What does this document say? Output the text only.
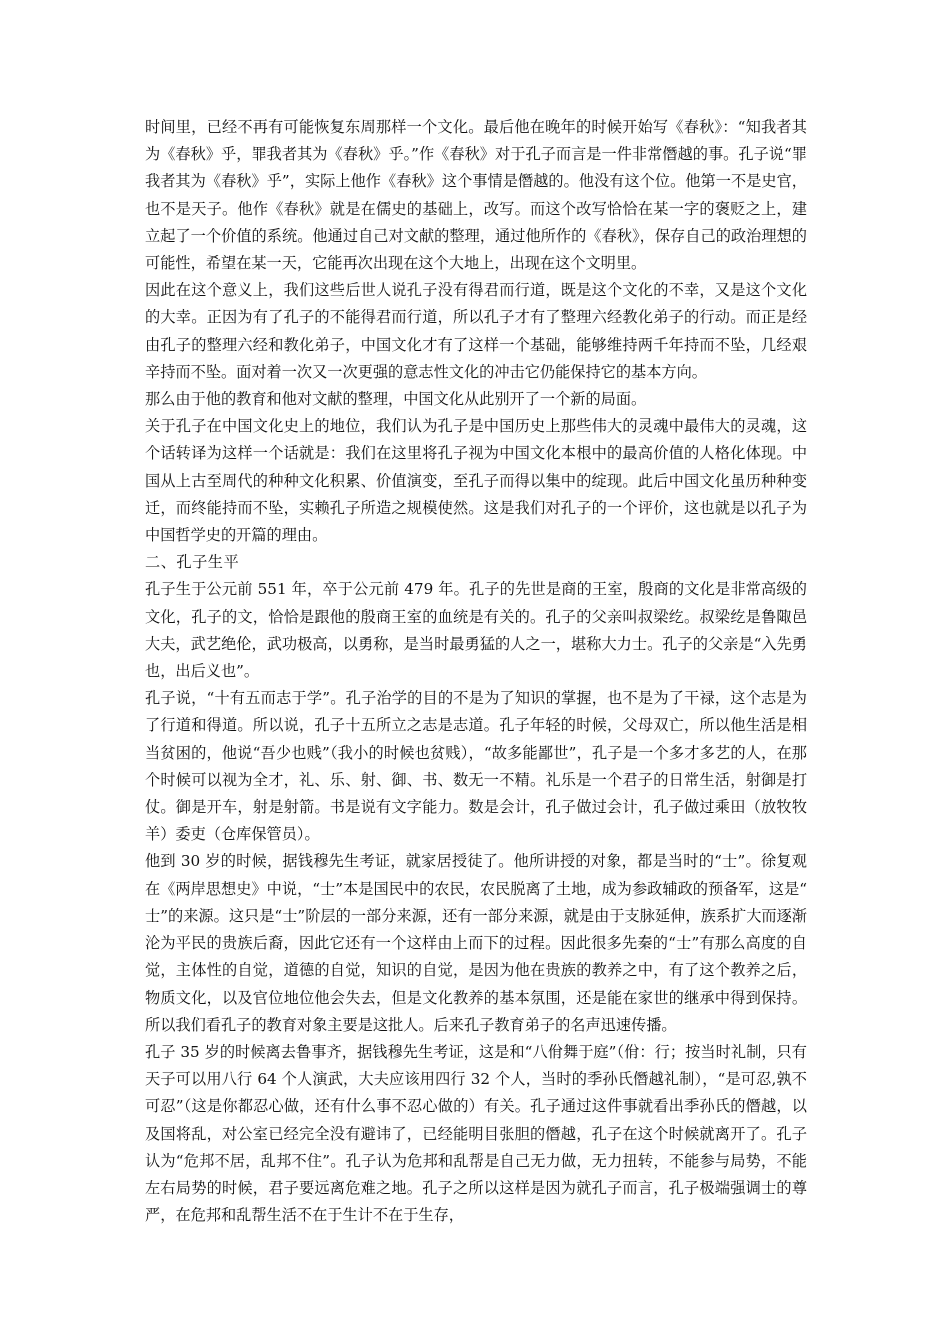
时间里，已经不再有可能恢复东周那样一个文化。最后他在晚年的时候开始写《春秋》：“知我者其为《春秋》乎，罪我者其为《春秋》乎。”作《春秋》对于孔子而言是一件非常僭越的事。孔子说“罪我者其为《春秋》乎”，实际上他作《春秋》这个事情是僭越的。他没有这个位。他第一不是史官，也不是天子。他作《春秋》就是在儒史的基础上，改写。而这个改写恰恰在某一字的褒贬之上，建立起了一个价值的系统。他通过自己对文献的整理，通过他所作的《春秋》，保存自己的政治理想的可能性，希望在某一天，它能再次出现在这个大地上，出现在这个文明里。

因此在这个意义上，我们这些后世人说孔子没有得君而行道，既是这个文化的不幸，又是这个文化的大幸。正因为有了孔子的不能得君而行道，所以孔子才有了整理六经教化弟子的行动。而正是经由孔子的整理六经和教化弟子，中国文化才有了这样一个基础，能够维持两千年持而不坠，几经艰辛持而不坠。面对着一次又一次更强的意志性文化的冲击它仍能保持它的基本方向。

那么由于他的教育和他对文献的整理，中国文化从此别开了一个新的局面。

关于孔子在中国文化史上的地位，我们认为孔子是中国历史上那些伟大的灵魂中最伟大的灵魂，这个话转译为这样一个话就是：我们在这里将孔子视为中国文化本根中的最高价值的人格化体现。中国从上古至周代的种种文化积累、价值演变，至孔子而得以集中的绽现。此后中国文化虽历种种变迁，而终能持而不坠，实赖孔子所造之规模使然。这是我们对孔子的一个评价，这也就是以孔子为中国哲学史的开篇的理由。

二、孔子生平

孔子生于公元前 551 年，卒于公元前 479 年。孔子的先世是商的王室，殷商的文化是非常高级的文化，孔子的文，恰恰是跟他的殷商王室的血统是有关的。孔子的父亲叫叔梁纥。叔梁纥是鲁陬邑大夫，武艺绝伦，武功极高，以勇称，是当时最勇猛的人之一，堪称大力士。孔子的父亲是“入先勇也，出后义也”。

孔子说，“十有五而志于学”。孔子治学的目的不是为了知识的掌握，也不是为了干禄，这个志是为了行道和得道。所以说，孔子十五所立之志是志道。孔子年轻的时候，父母双亡，所以他生活是相当贫困的，他说“吾少也贱”（我小的时候也贫贱），“故多能鄙世”，孔子是一个多才多艺的人，在那个时候可以视为全才，礼、乐、射、御、书、数无一不精。礼乐是一个君子的日常生活，射御是打仗。御是开车，射是射箭。书是说有文字能力。数是会计，孔子做过会计，孔子做过乘田（放牧牧羊）委吏（仓库保管员）。

他到 30 岁的时候，据钱穆先生考证，就家居授徒了。他所讲授的对象，都是当时的“士”。徐复观在《两岸思想史》中说，“士”本是国民中的农民，农民脱离了土地，成为参政辅政的预备军，这是“士”的来源。这只是“士”阶层的一部分来源，还有一部分来源，就是由于支脉延伸，族系扩大而逐渐沦为平民的贵族后裔，因此它还有一个这样由上而下的过程。因此很多先秦的“士”有那么高度的自觉，主体性的自觉，道德的自觉，知识的自觉，是因为他在贵族的教养之中，有了这个教养之后，物质文化，以及官位地位他会失去，但是文化教养的基本氛围，还是能在家世的继承中得到保持。所以我们看孔子的教育对象主要是这批人。后来孔子教育弟子的名声迅速传播。

孔子 35 岁的时候离去鲁事齐，据钱穆先生考证，这是和“八佾舞于庭”（佾：行；按当时礼制，只有天子可以用八行 64 个人演武，大夫应该用四行 32 个人，当时的季孙氏僭越礼制），“是可忍,孰不可忍”（这是你都忍心做，还有什么事不忍心做的）有关。孔子通过这件事就看出季孙氏的僭越，以及国将乱，对公室已经完全没有避讳了，已经能明目张胆的僭越，孔子在这个时候就离开了。孔子认为“危邦不居，乱邦不住”。孔子认为危邦和乱帮是自己无力做，无力扭转，不能参与局势，不能左右局势的时候，君子要远离危难之地。孔子之所以这样是因为就孔子而言，孔子极端强调士的尊严，在危邦和乱帮生活不在于生计不在于生存，
